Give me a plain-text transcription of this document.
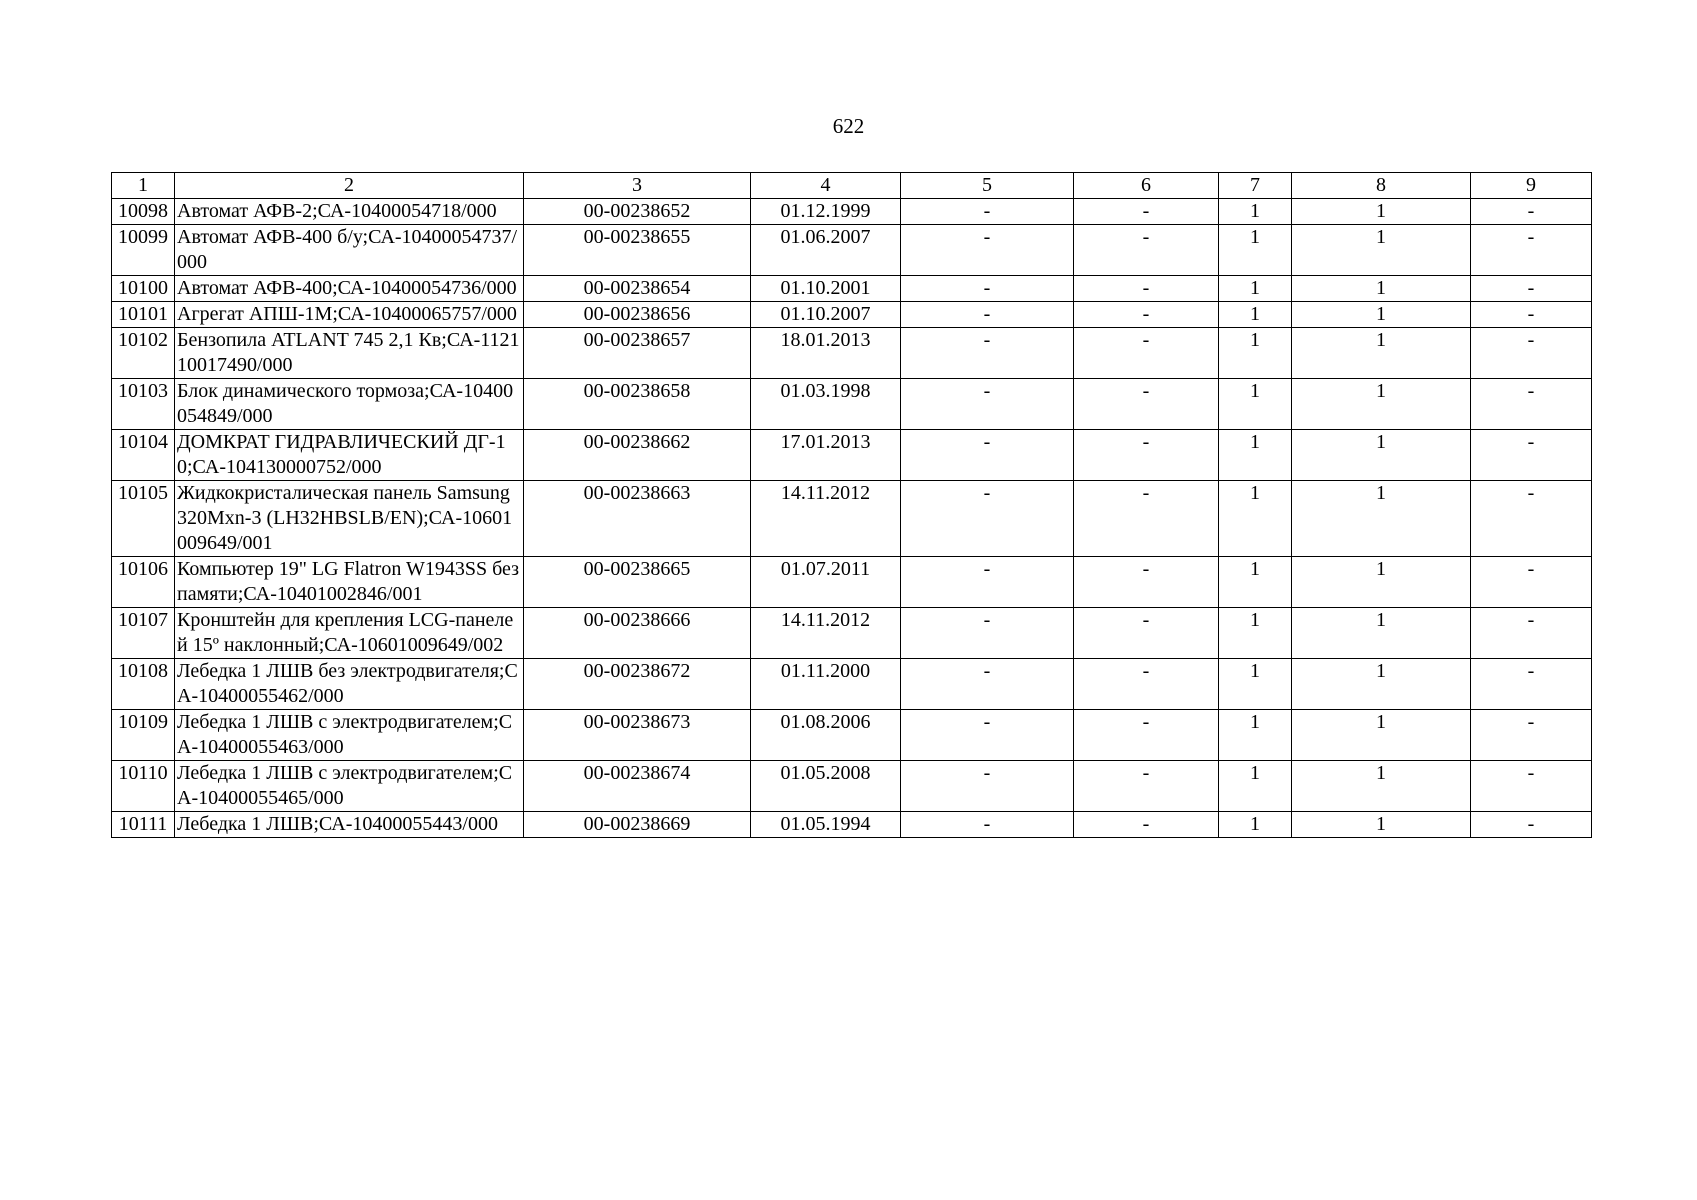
622
1	2	3	4	5	6	7	8	9
10098	Автомат АФВ-2;СА-10400054718/000	00-00238652	01.12.1999	-	-	1	1	-
10099	Автомат АФВ-400 б/у;СА-10400054737/000	00-00238655	01.06.2007	-	-	1	1	-
10100	Автомат АФВ-400;СА-10400054736/000	00-00238654	01.10.2001	-	-	1	1	-
10101	Агрегат АПШ-1М;СА-10400065757/000	00-00238656	01.10.2007	-	-	1	1	-
10102	Бензопила ATLANT 745 2,1 Кв;СА-112110017490/000	00-00238657	18.01.2013	-	-	1	1	-
10103	Блок динамического тормоза;СА-10400054849/000	00-00238658	01.03.1998	-	-	1	1	-
10104	ДОМКРАТ ГИДРАВЛИЧЕСКИЙ ДГ-10;СА-104130000752/000	00-00238662	17.01.2013	-	-	1	1	-
10105	Жидкокристалическая панель Samsung 320Mxn-3 (LH32HBSLB/EN);СА-10601009649/001	00-00238663	14.11.2012	-	-	1	1	-
10106	Компьютер 19" LG Flatron W1943SS без памяти;СА-10401002846/001	00-00238665	01.07.2011	-	-	1	1	-
10107	Кронштейн для крепления LCG-панелей 15º наклонный;СА-10601009649/002	00-00238666	14.11.2012	-	-	1	1	-
10108	Лебедка 1 ЛШВ без электродвигателя;СА-10400055462/000	00-00238672	01.11.2000	-	-	1	1	-
10109	Лебедка 1 ЛШВ с электродвигателем;СА-10400055463/000	00-00238673	01.08.2006	-	-	1	1	-
10110	Лебедка 1 ЛШВ с электродвигателем;СА-10400055465/000	00-00238674	01.05.2008	-	-	1	1	-
10111	Лебедка 1 ЛШВ;СА-10400055443/000	00-00238669	01.05.1994	-	-	1	1	-
